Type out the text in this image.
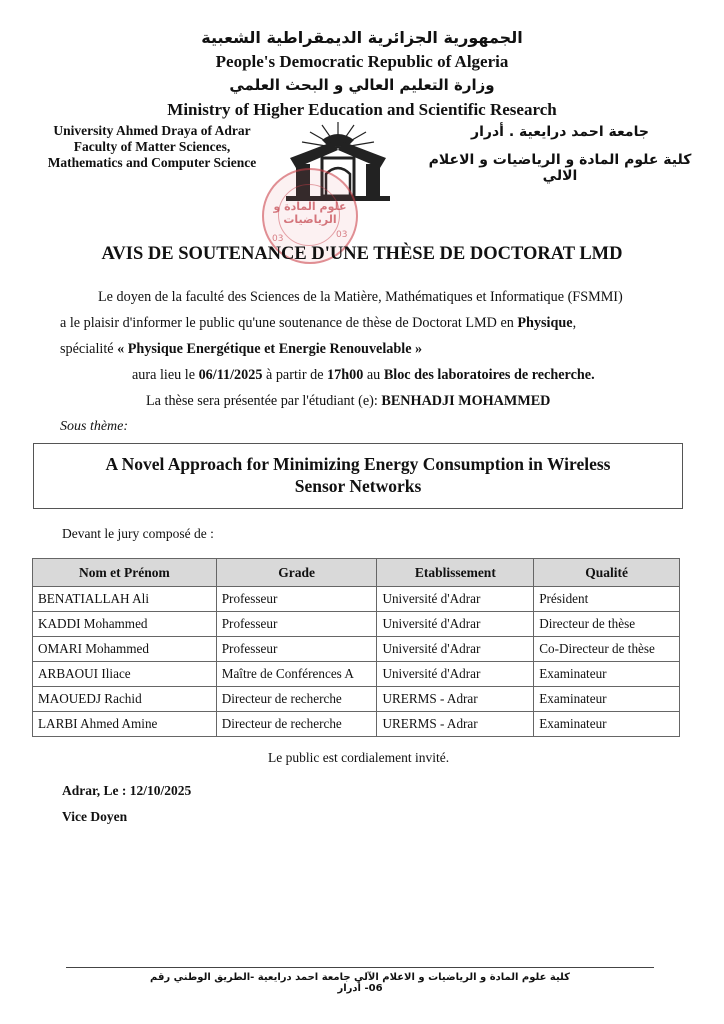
الجمهورية الجزائرية الديمقراطية الشعبية
People's Democratic Republic of Algeria
وزارة التعليم العالي و البحث العلمي
Ministry of Higher Education and Scientific Research
University Ahmed Draya of Adrar
Faculty of Matter Sciences,
Mathematics and Computer Science
جامعة احمد درايعية . أدرار
كلية علوم المادة و الرياضيات و الاعلام الالي
علوم المادة و الرياضيات
03	03
AVIS DE SOUTENANCE D'UNE THÈSE DE DOCTORAT LMD

Le doyen de la faculté des Sciences de la Matière, Mathématiques et Informatique (FSMMI)

a le plaisir d'informer le public qu'une soutenance de thèse de Doctorat LMD en Physique,

spécialité « Physique Energétique et Energie Renouvelable »

aura lieu le 06/11/2025 à partir de 17h00 au Bloc des laboratoires de recherche.

La thèse sera présentée par l'étudiant (e): BENHADJI MOHAMMED

Sous thème:

A Novel Approach for Minimizing Energy Consumption in Wireless
Sensor Networks

Devant le jury composé de :

Nom et Prénom	Grade	Etablissement	Qualité
BENATIALLAH Ali	Professeur	Université d'Adrar	Président
KADDI Mohammed	Professeur	Université d'Adrar	Directeur de thèse
OMARI Mohammed	Professeur	Université d'Adrar	Co-Directeur de thèse
ARBAOUI Iliace	Maître de Conférences A	Université d'Adrar	Examinateur
MAOUEDJ Rachid	Directeur de recherche	URERMS - Adrar	Examinateur
LARBI Ahmed Amine	Directeur de recherche	URERMS - Adrar	Examinateur

Le public est cordialement invité.

Adrar, Le : 12/10/2025

Vice Doyen

كلية علوم المادة و الرياضيات و الاعلام الآلي جامعة احمد درايعية -الطريق الوطني رقم 06- أدرار
